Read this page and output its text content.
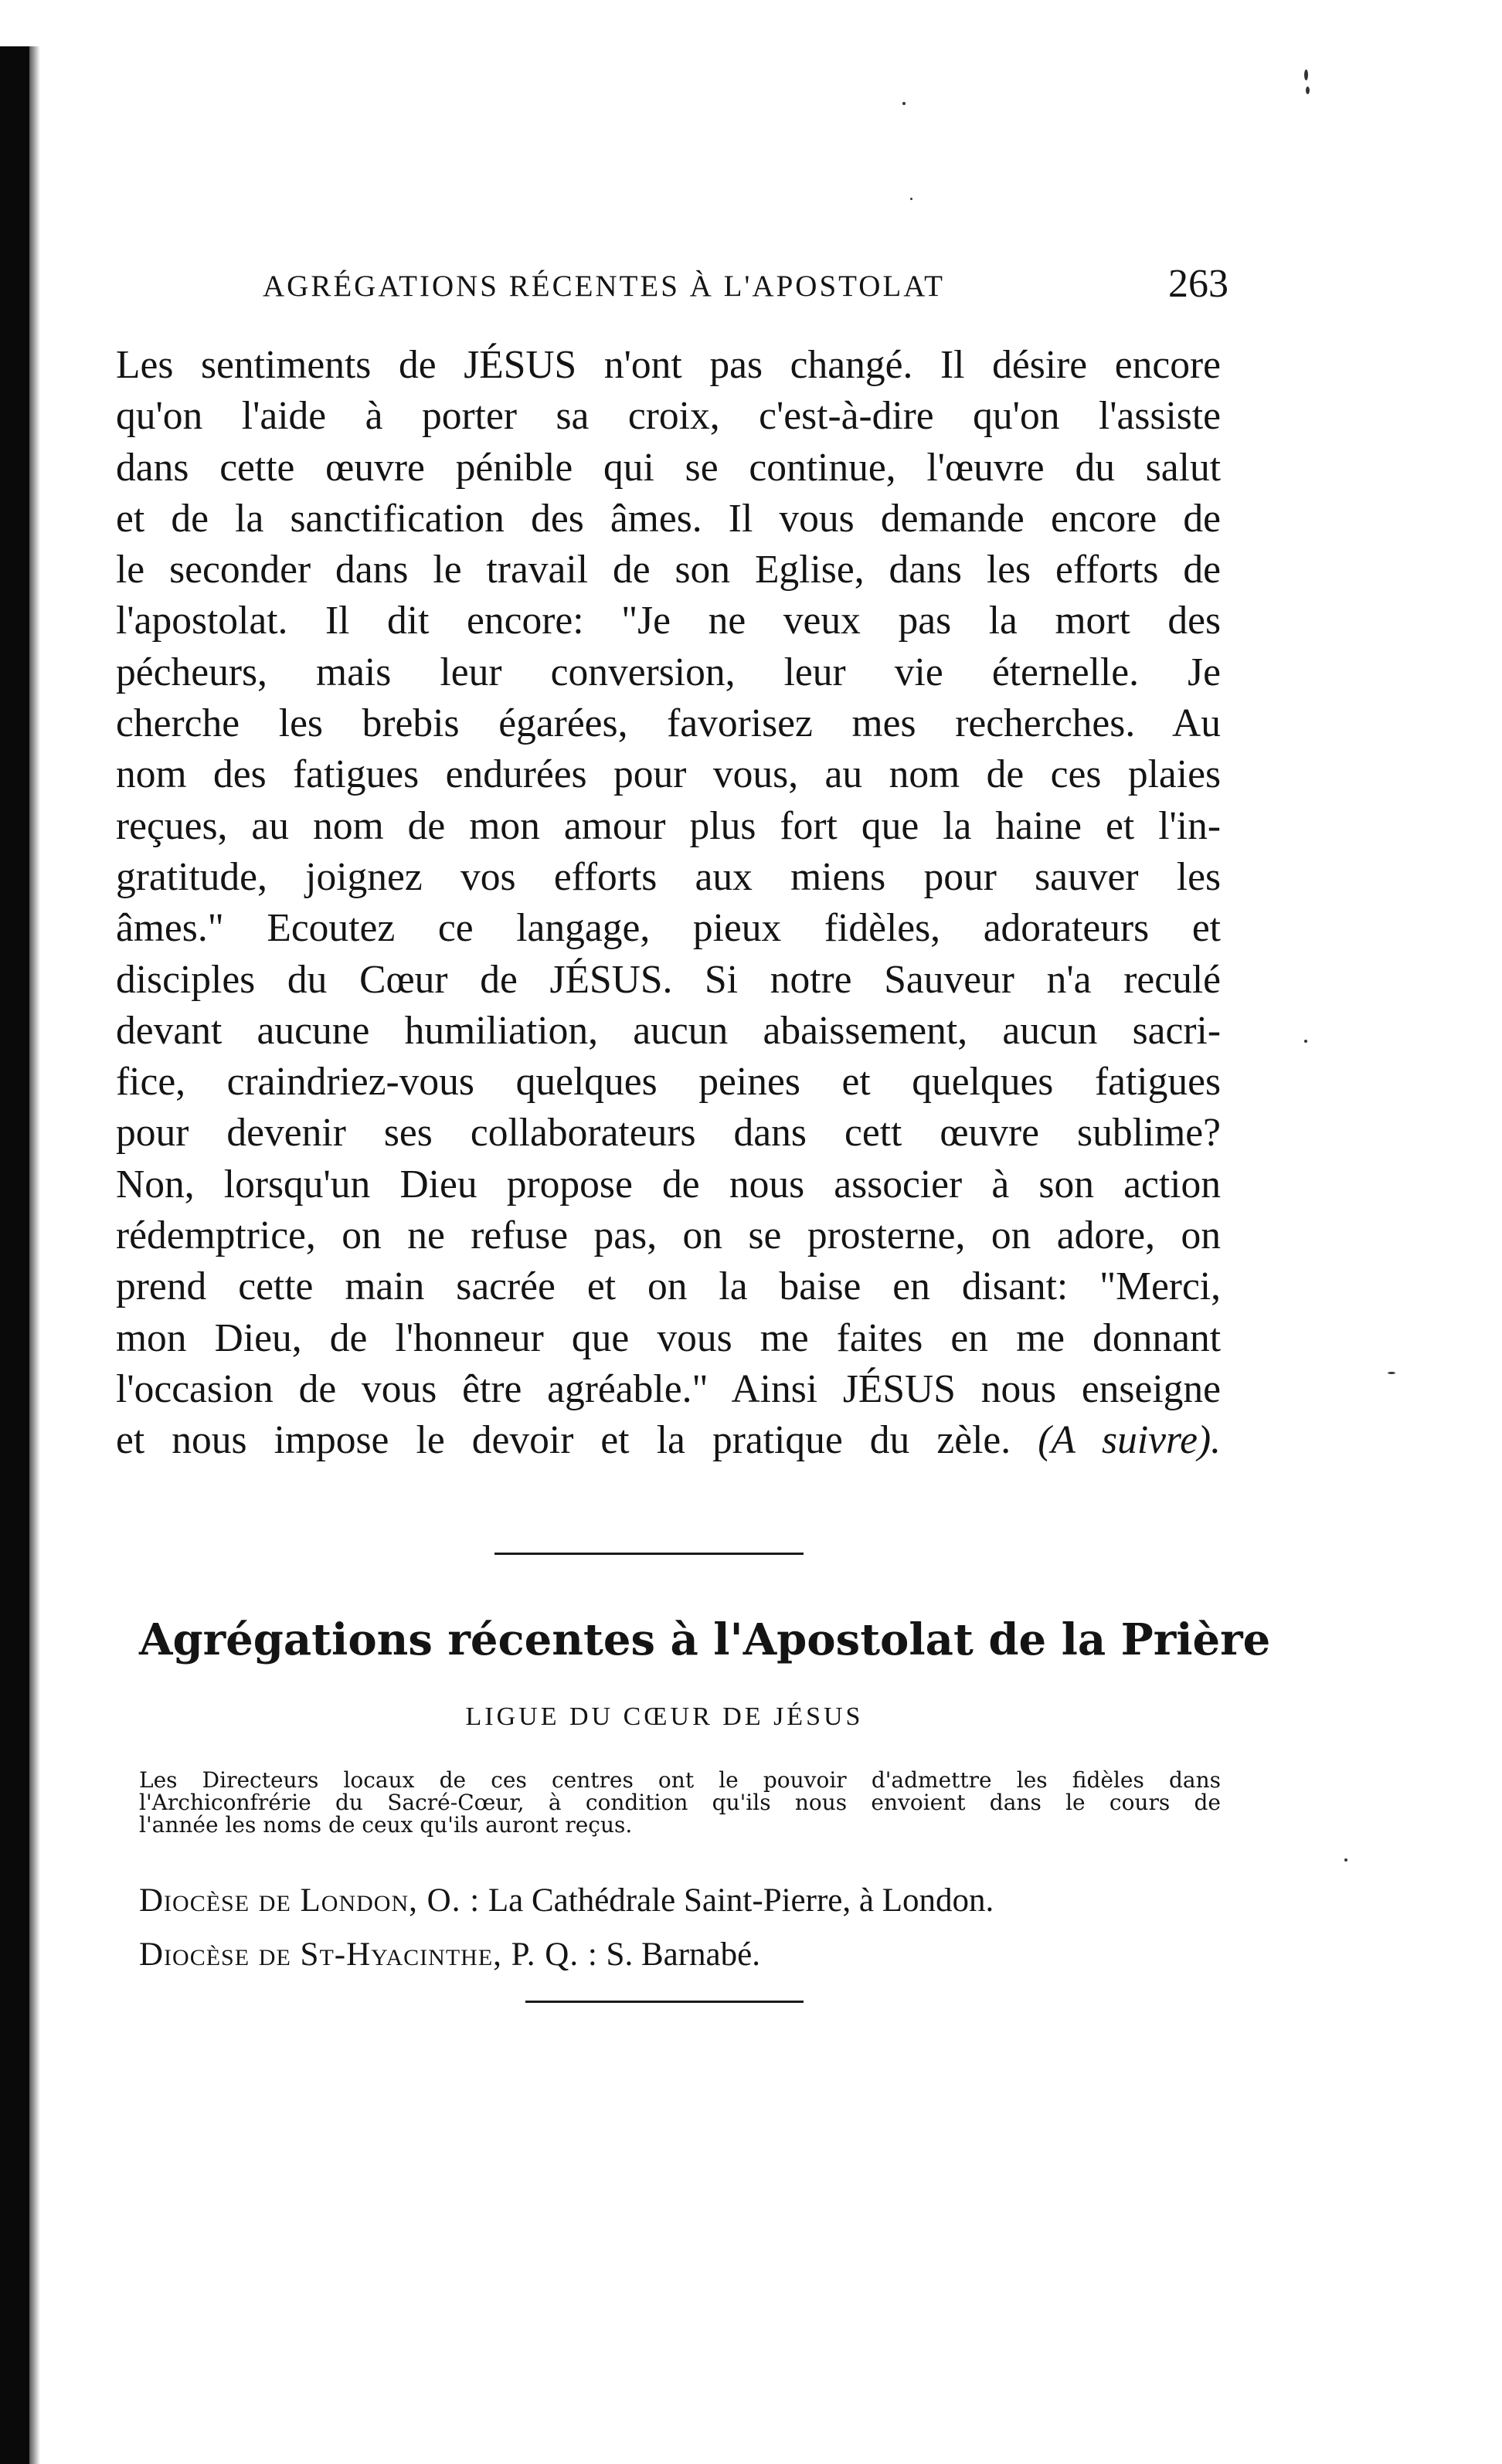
AGRÉGATIONS RÉCENTES À L'APOSTOLAT	263
Les sentiments de JÉSUS n'ont pas changé. Il désire encore
qu'on l'aide à porter sa croix, c'est-à-dire qu'on l'assiste
dans cette œuvre pénible qui se continue, l'œuvre du salut
et de la sanctification des âmes. Il vous demande encore de
le seconder dans le travail de son Eglise, dans les efforts de
l'apostolat. Il dit encore: "Je ne veux pas la mort des
pécheurs, mais leur conversion, leur vie éternelle. Je
cherche les brebis égarées, favorisez mes recherches. Au
nom des fatigues endurées pour vous, au nom de ces plaies
reçues, au nom de mon amour plus fort que la haine et l'in-
gratitude, joignez vos efforts aux miens pour sauver les
âmes." Ecoutez ce langage, pieux fidèles, adorateurs et
disciples du Cœur de JÉSUS. Si notre Sauveur n'a reculé
devant aucune humiliation, aucun abaissement, aucun sacri-
fice, craindriez-vous quelques peines et quelques fatigues
pour devenir ses collaborateurs dans cett œuvre sublime?
Non, lorsqu'un Dieu propose de nous associer à son action
rédemptrice, on ne refuse pas, on se prosterne, on adore, on
prend cette main sacrée et on la baise en disant: "Merci,
mon Dieu, de l'honneur que vous me faites en me donnant
l'occasion de vous être agréable." Ainsi JÉSUS nous enseigne
et nous impose le devoir et la pratique du zèle. (A suivre).
Agrégations récentes à l'Apostolat de la Prière
LIGUE DU CŒUR DE JÉSUS
Les Directeurs locaux de ces centres ont le pouvoir d'admettre les fidèles dans
l'Archiconfrérie du Sacré-Cœur, à condition qu'ils nous envoient dans le cours de
l'année les noms de ceux qu'ils auront reçus.
Diocèse de London, O. : La Cathédrale Saint-Pierre, à London.
Diocèse de St-Hyacinthe, P. Q. : S. Barnabé.
